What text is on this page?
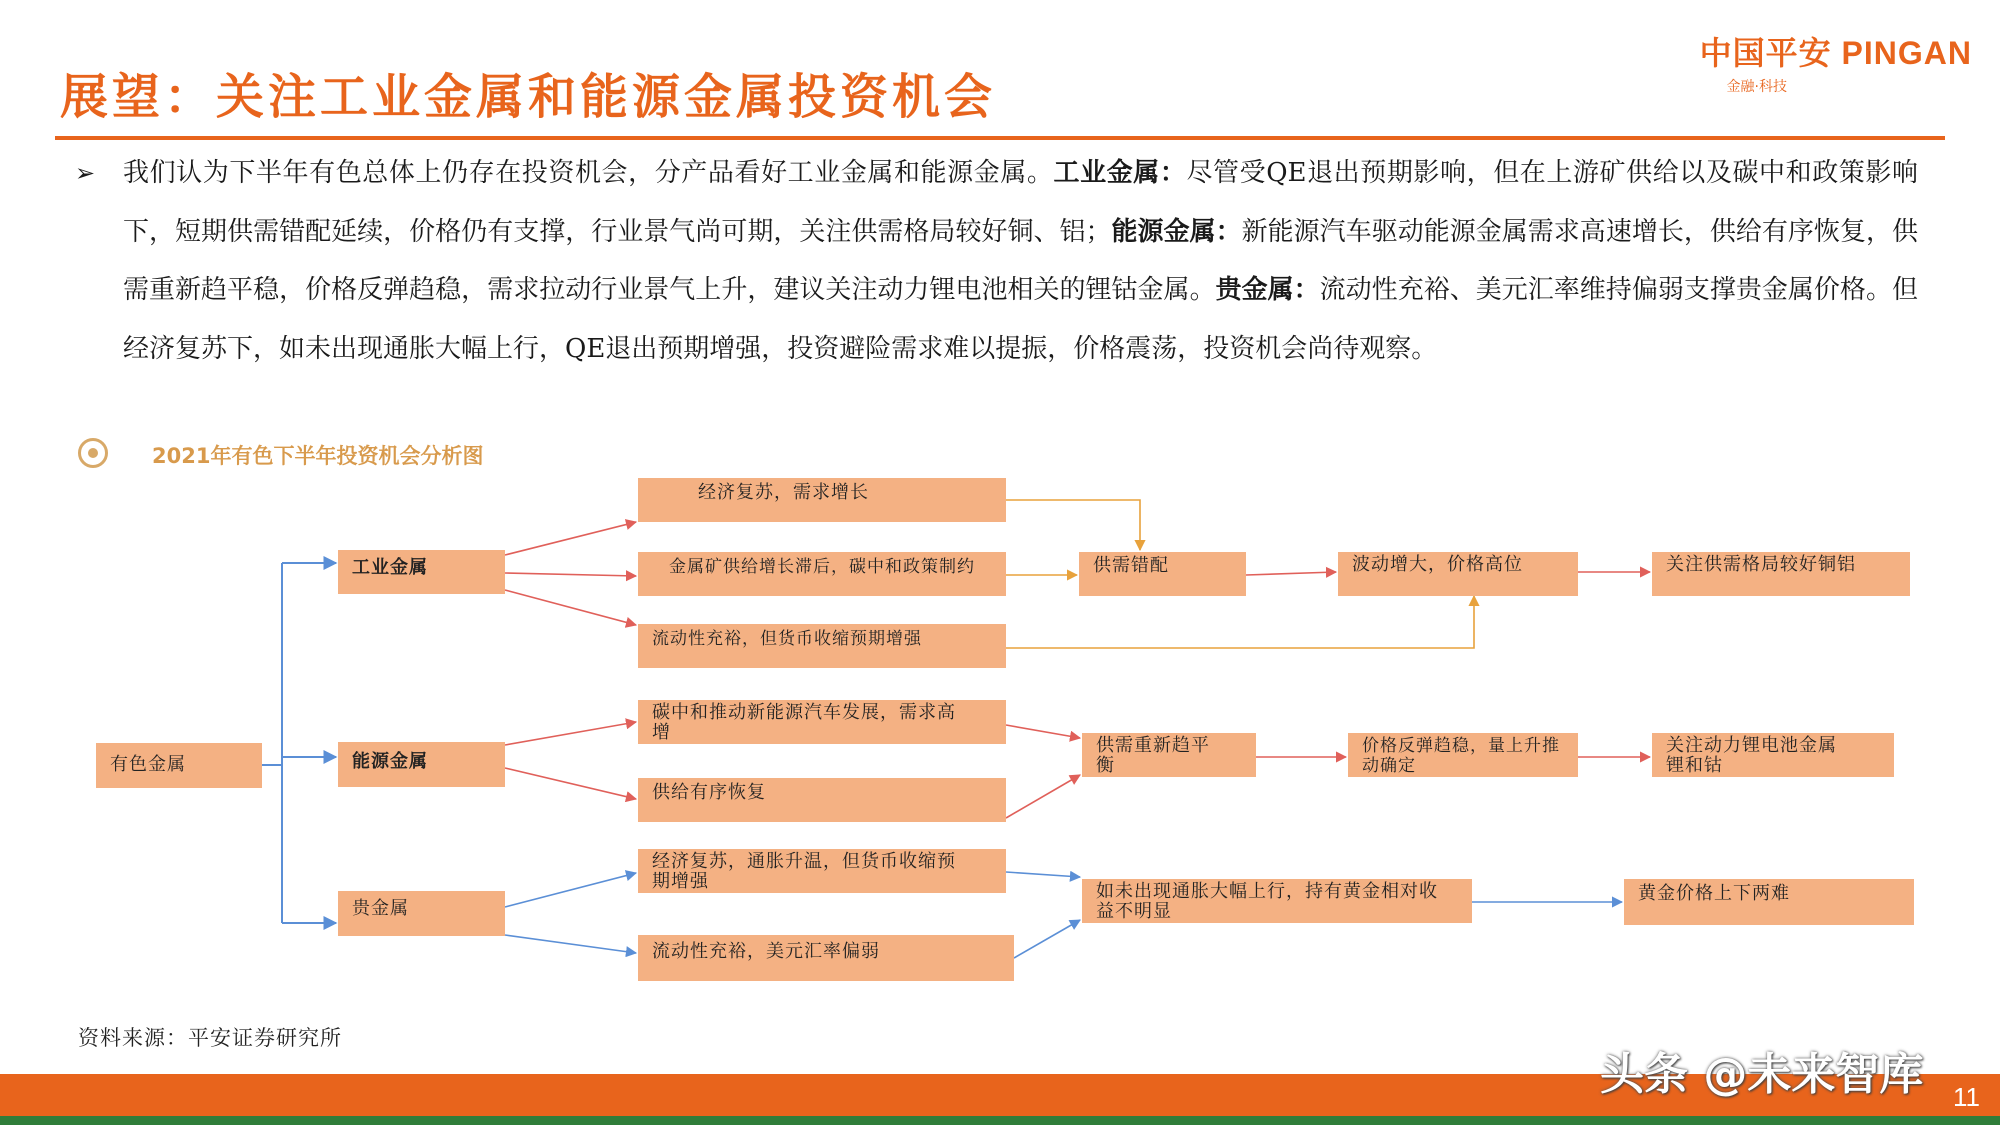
展望：关注工业金属和能源金属投资机会
中国平安 PINGAN
金融·科技
➢ 我们认为下半年有色总体上仍存在投资机会，分产品看好工业金属和能源金属。工业金属：尽管受QE退出预期影响，但在上游矿供给以及碳中和政策影响下，短期供需错配延续，价格仍有支撑，行业景气尚可期，关注供需格局较好铜、铝；能源金属：新能源汽车驱动能源金属需求高速增长，供给有序恢复，供需重新趋平稳，价格反弹趋稳，需求拉动行业景气上升，建议关注动力锂电池相关的锂钴金属。贵金属：流动性充裕、美元汇率维持偏弱支撑贵金属价格。但经济复苏下，如未出现通胀大幅上行，QE退出预期增强，投资避险需求难以提振，价格震荡，投资机会尚待观察。
2021年有色下半年投资机会分析图
有色金属
工业金属
能源金属
贵金属
经济复苏，需求增长
金属矿供给增长滞后，碳中和政策制约
流动性充裕，但货币收缩预期增强
供需错配	波动增大，价格高位	关注供需格局较好铜铝
碳中和推动新能源汽车发展，需求高增
供给有序恢复
供需重新趋平衡
价格反弹趋稳，量上升推动确定
关注动力锂电池金属锂和钴
经济复苏，通胀升温，但货币收缩预期增强
流动性充裕，美元汇率偏弱
如未出现通胀大幅上行，持有黄金相对收益不明显
黄金价格上下两难
资料来源：平安证券研究所
头条 @未来智库 11
